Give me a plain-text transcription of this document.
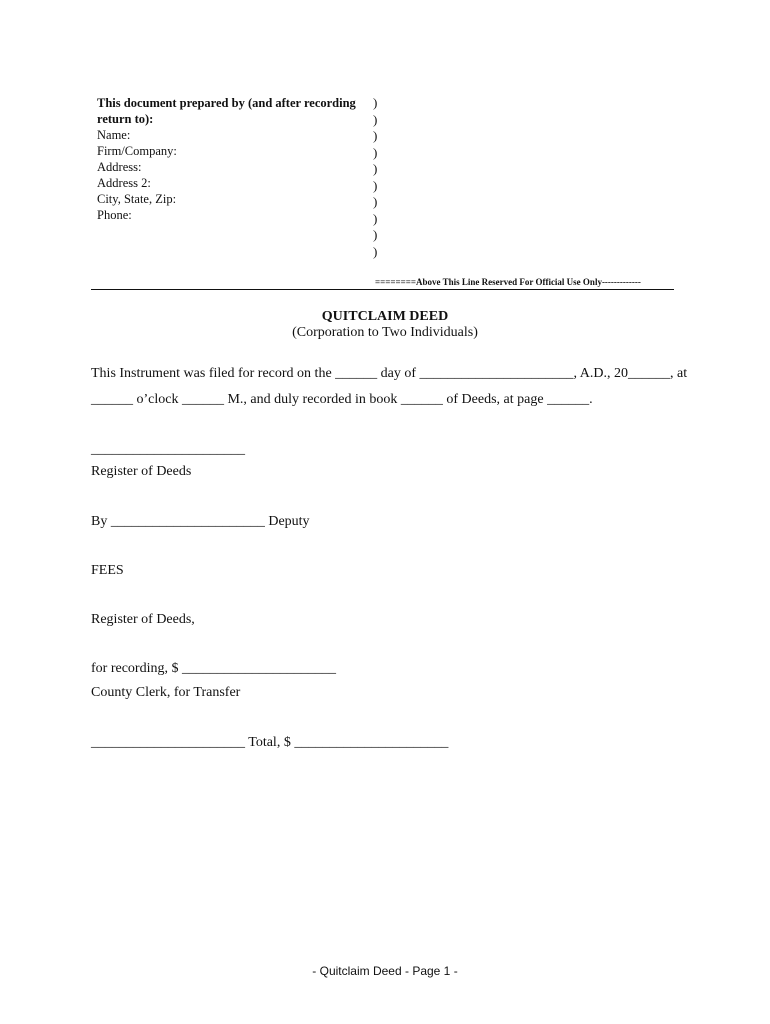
This document prepared by (and after recording
return to):
Name:
Firm/Company:
Address:
Address 2:
City, State, Zip:
Phone:
)
)
)
)
)
)
)
)
)
)
========Above This Line Reserved For Official Use Only-------------
QUITCLAIM DEED
(Corporation to Two Individuals)
This Instrument was filed for record on the ______ day of ______________________, A.D., 20______, at
______ o’clock ______ M., and duly recorded in book ______ of Deeds, at page ______.
______________________
Register of Deeds
By ______________________ Deputy
FEES
Register of Deeds,
for recording, $ ______________________
County Clerk, for Transfer
______________________ Total, $ ______________________
- Quitclaim Deed - Page 1 -
